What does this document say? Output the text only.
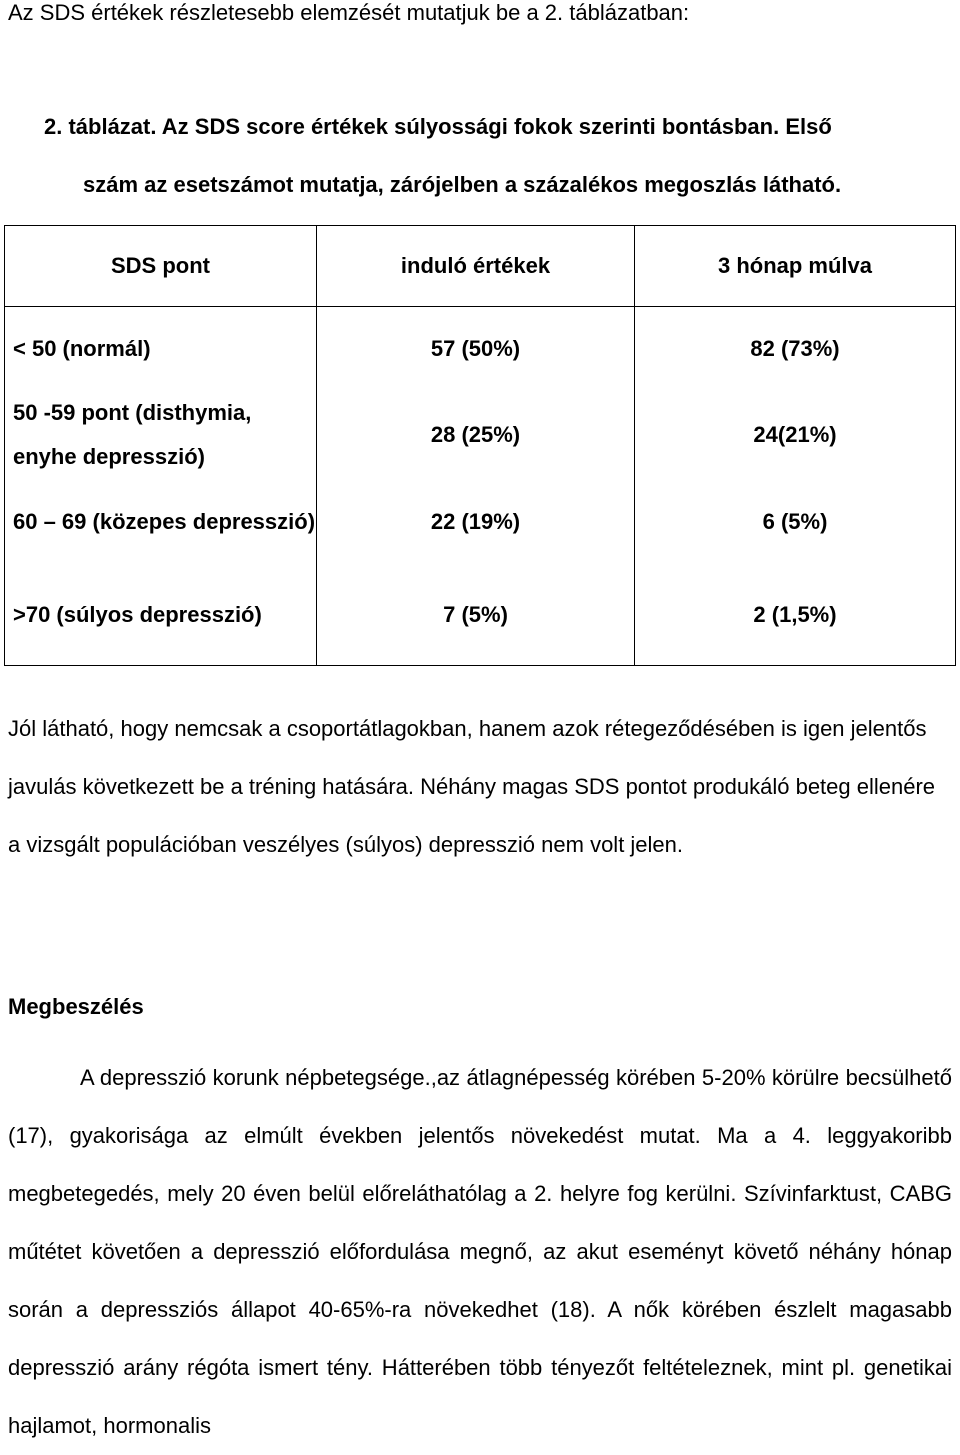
Az SDS értékek részletesebb elemzését mutatjuk be a 2. táblázatban:

2. táblázat. Az SDS score értékek súlyossági fokok szerinti bontásban. Első

szám az esetszámot mutatja, zárójelben a százalékos megoszlás látható.

SDS pont	induló értékek	3 hónap múlva
< 50 (normál)	57 (50%)	82 (73%)
50 -59 pont (disthymia, enyhe depresszió)	28 (25%)	24(21%)
60 – 69 (közepes depresszió)	22 (19%)	6 (5%)
>70 (súlyos depresszió)	7 (5%)	2 (1,5%)

Jól látható, hogy nemcsak a csoportátlagokban, hanem azok rétegeződésében is igen jelentős javulás következett be a tréning hatására. Néhány magas SDS pontot produkáló beteg ellenére a vizsgált populációban veszélyes (súlyos) depresszió nem volt jelen.

Megbeszélés

A depresszió korunk népbetegsége.,az átlagnépesség körében 5-20% körülre becsülhető (17), gyakorisága az elmúlt években jelentős növekedést mutat. Ma a 4. leggyakoribb megbetegedés, mely 20 éven belül előreláthatólag a 2. helyre fog kerülni. Szívinfarktust, CABG műtétet követően a depresszió előfordulása megnő, az akut eseményt követő néhány hónap során a depressziós állapot 40-65%-ra növekedhet (18). A nők körében észlelt magasabb depresszió arány régóta ismert tény. Hátterében több tényezőt feltételeznek, mint pl. genetikai hajlamot, hormonalis
